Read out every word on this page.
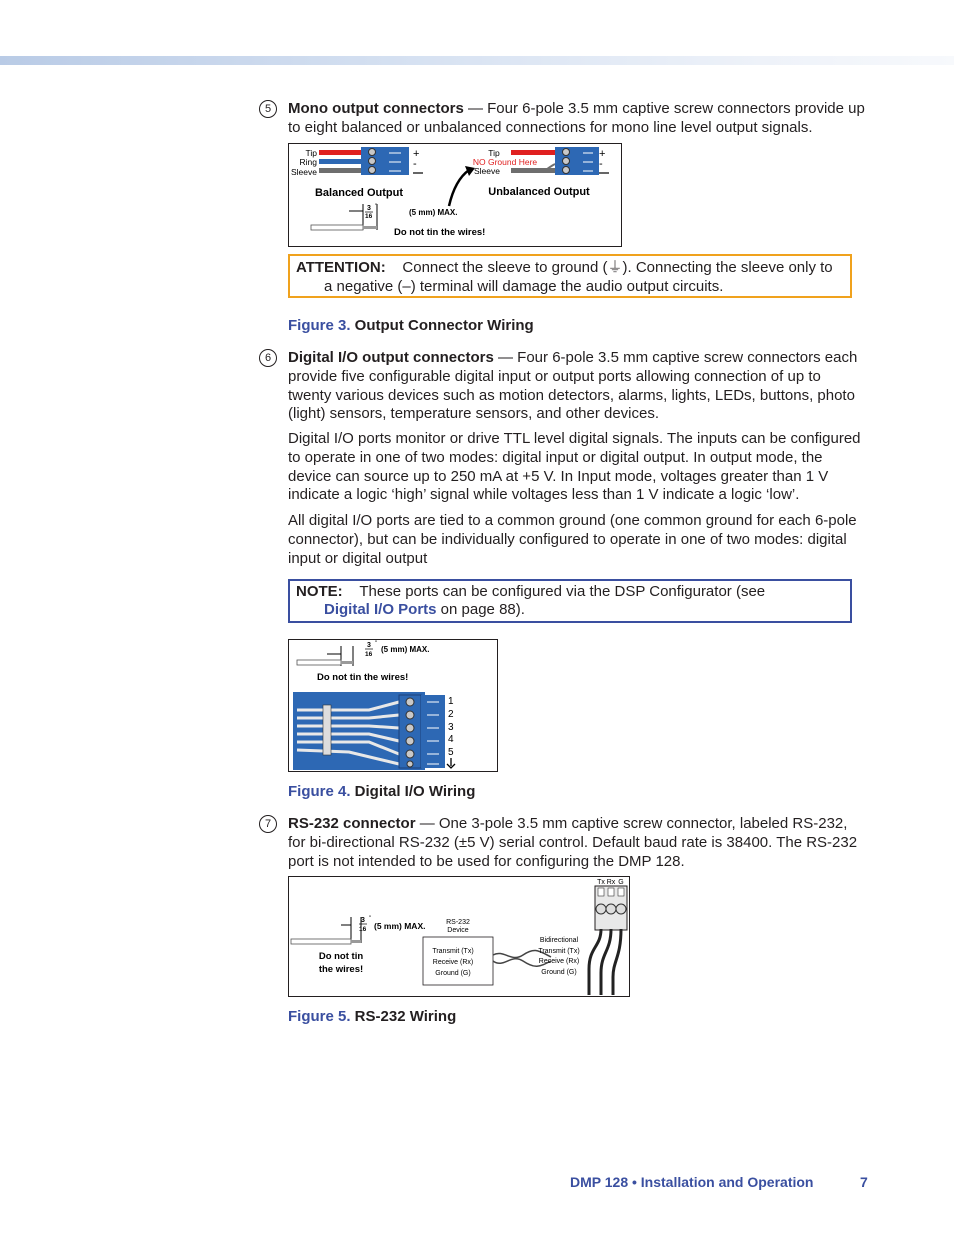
5	Mono output connectors — Four 6-pole 3.5 mm captive screw connectors provide up to eight balanced or unbalanced connections for mono line level output signals.
Tip
Ring
Sleeve
+
-
Balanced Output
Tip
NO Ground Here
Sleeve
+
-
Unbalanced Output
3
16
"
(5 mm) MAX.
Do not tin the wires!
ATTENTION: Connect the sleeve to ground (⏚). Connecting the sleeve only to
a negative (–) terminal will damage the audio output circuits.
Figure 3. Output Connector Wiring
6	Digital I/O output connectors — Four 6-pole 3.5 mm captive screw connectors each provide five configurable digital input or output ports allowing connection of up to twenty various devices such as motion detectors, alarms, lights, LEDs, buttons, photo (light) sensors, temperature sensors, and other devices.
Digital I/O ports monitor or drive TTL level digital signals. The inputs can be configured to operate in one of two modes: digital input or digital output. In output mode, the device can source up to 250 mA at +5 V. In Input mode, voltages greater than 1 V indicate a logic ‘high’ signal while voltages less than 1 V indicate a logic ‘low’.
All digital I/O ports are tied to a common ground (one common ground for each 6-pole connector), but can be individually configured to operate in one of two modes: digital input or digital output
NOTE: These ports can be configured via the DSP Configurator (see
Digital I/O Ports on page 88).
3
16
"
(5 mm) MAX.
Do not tin the wires!
1
2
3
4
5
Figure 4. Digital I/O Wiring
7	RS-232 connector — One 3-pole 3.5 mm captive screw connector, labeled RS-232, for bi-directional RS-232 (±5 V) serial control. Default baud rate is 38400. The RS-232 port is not intended to be used for configuring the DMP 128.
3
16
"
(5 mm) MAX.
Do not tin
the wires!
RS-232
Device
Transmit (Tx)
Receive (Rx)
Ground (G)
Bidirectional
Transmit (Tx)
Receive (Rx)
Ground (G)
Tx Rx G
Figure 5. RS-232 Wiring
DMP 128 • Installation and Operation	7
